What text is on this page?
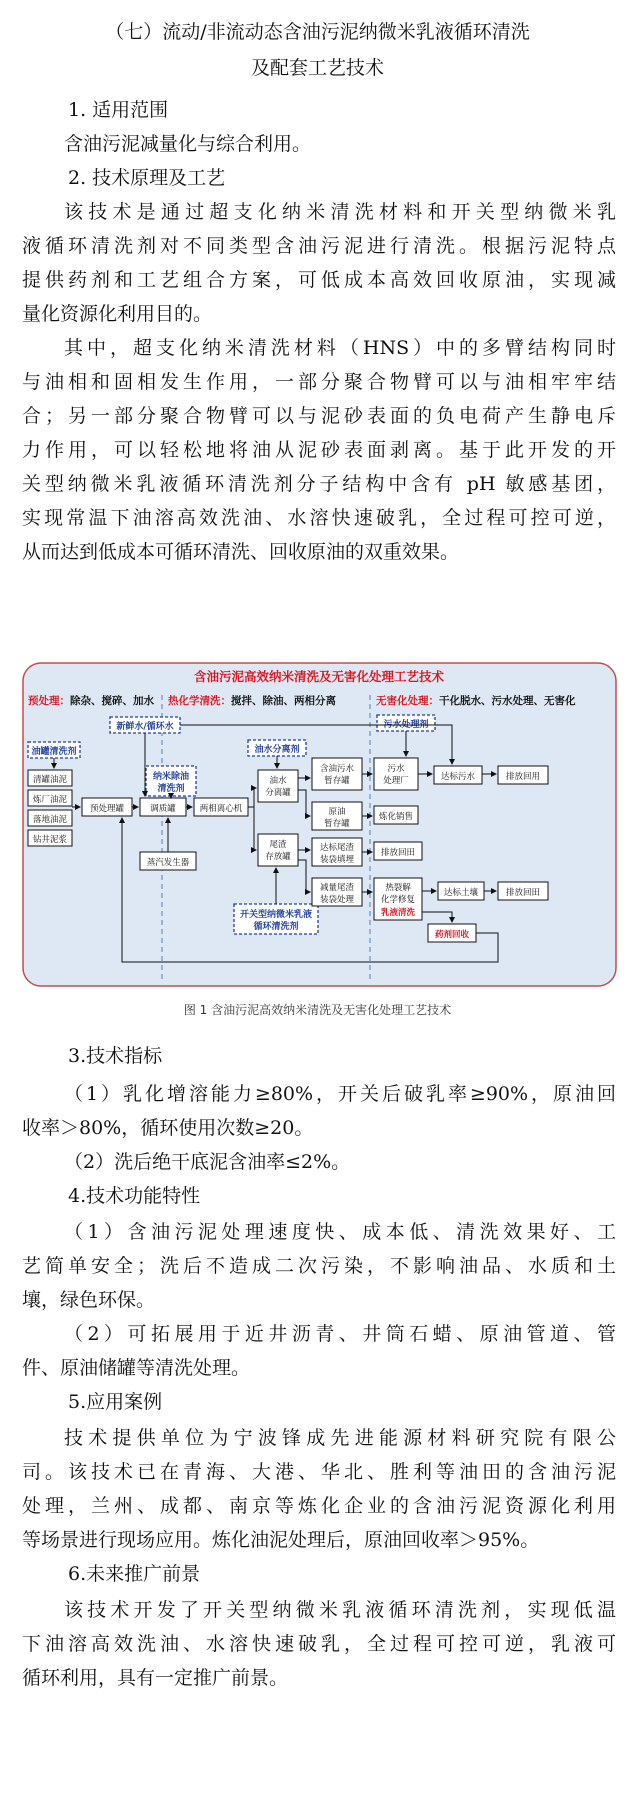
（七）流动/非流动态含油污泥纳微米乳液循环清洗
及配套工艺技术
1. 适用范围
含油污泥减量化与综合利用。
2. 技术原理及工艺
该技术是通过超支化纳米清洗材料和开关型纳微米乳
液循环清洗剂对不同类型含油污泥进行清洗。根据污泥特点
提供药剂和工艺组合方案，可低成本高效回收原油，实现减
量化资源化利用目的。
其中，超支化纳米清洗材料（HNS）中的多臂结构同时
与油相和固相发生作用，一部分聚合物臂可以与油相牢牢结
合；另一部分聚合物臂可以与泥砂表面的负电荷产生静电斥
力作用，可以轻松地将油从泥砂表面剥离。基于此开发的开
关型纳微米乳液循环清洗剂分子结构中含有 pH 敏感基团，
实现常温下油溶高效洗油、水溶快速破乳，全过程可控可逆，
从而达到低成本可循环清洗、回收原油的双重效果。
含油污泥高效纳米清洗及无害化处理工艺技术
预处理：除杂、搅碎、加水 热化学清洗：搅拌、除油、两相分离	无害化处理：干化脱水、污水处理、无害化
新鲜水/循环水
油罐清洗剂
纳米除油
清洗剂
油水分离剂
污水处理剂
开关型纳微米乳液
循环清洗剂
清罐油泥
炼厂油泥
落地油泥
钻井泥浆
预处理罐	调质罐
蒸汽发生器
两相离心机
油水
分离罐
尾渣
存放罐
含油污水
暂存罐
原油
暂存罐
污水
处理厂
炼化销售
达标污水	排放回用
达标尾渣
装袋填埋
排放回田
减量尾渣
装袋处理
热裂解
化学修复
乳液清洗
达标土壤	排放回田
药剂回收
图 1 含油污泥高效纳米清洗及无害化处理工艺技术
3.技术指标
（1）乳化增溶能力≥80%，开关后破乳率≥90%，原油回
收率＞80%，循环使用次数≥20。
（2）洗后绝干底泥含油率≤2%。
4.技术功能特性
（1）含油污泥处理速度快、成本低、清洗效果好、工
艺简单安全；洗后不造成二次污染，不影响油品、水质和土
壤，绿色环保。
（2）可拓展用于近井沥青、井筒石蜡、原油管道、管
件、原油储罐等清洗处理。
5.应用案例
技术提供单位为宁波锋成先进能源材料研究院有限公
司。该技术已在青海、大港、华北、胜利等油田的含油污泥
处理，兰州、成都、南京等炼化企业的含油污泥资源化利用
等场景进行现场应用。炼化油泥处理后，原油回收率＞95%。
6.未来推广前景
该技术开发了开关型纳微米乳液循环清洗剂，实现低温
下油溶高效洗油、水溶快速破乳，全过程可控可逆，乳液可
循环利用，具有一定推广前景。
